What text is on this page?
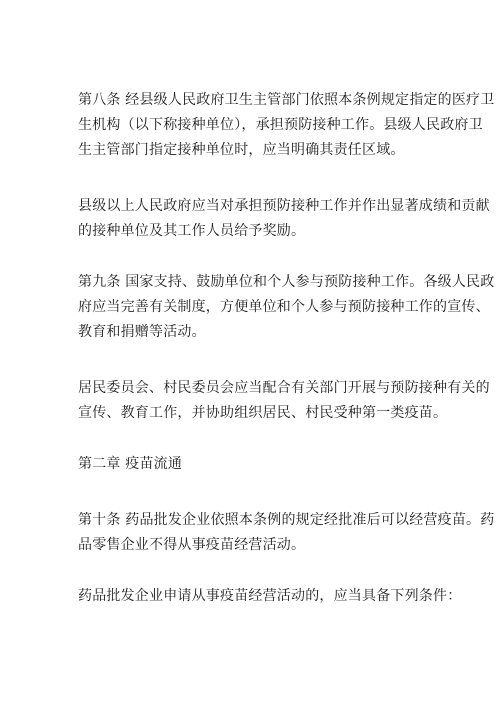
第八条 经县级人民政府卫生主管部门依照本条例规定指定的医疗卫
生机构（以下称接种单位），承担预防接种工作。县级人民政府卫
生主管部门指定接种单位时，应当明确其责任区域。

县级以上人民政府应当对承担预防接种工作并作出显著成绩和贡献
的接种单位及其工作人员给予奖励。

第九条 国家支持、鼓励单位和个人参与预防接种工作。各级人民政
府应当完善有关制度，方便单位和个人参与预防接种工作的宣传、
教育和捐赠等活动。

居民委员会、村民委员会应当配合有关部门开展与预防接种有关的
宣传、教育工作，并协助组织居民、村民受种第一类疫苗。

第二章 疫苗流通

第十条 药品批发企业依照本条例的规定经批准后可以经营疫苗。药
品零售企业不得从事疫苗经营活动。

药品批发企业申请从事疫苗经营活动的，应当具备下列条件：
